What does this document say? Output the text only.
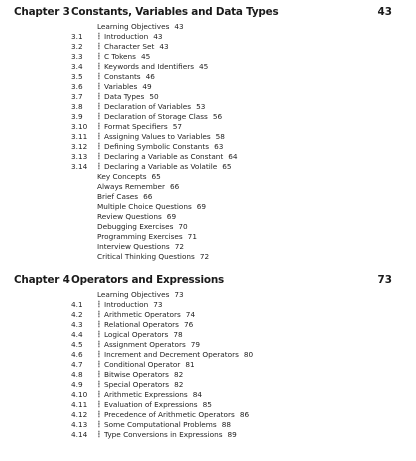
Chapter 3 Constants, Variables and Data Types	43
Learning Objectives 43
3.1 ┇ Introduction 43
3.2 ┇ Character Set 43
3.3 ┇ C Tokens 45
3.4 ┇ Keywords and Identifiers 45
3.5 ┇ Constants 46
3.6 ┇ Variables 49
3.7 ┇ Data Types 50
3.8 ┇ Declaration of Variables 53
3.9 ┇ Declaration of Storage Class 56
3.10 ┇ Format Specifiers 57
3.11 ┇ Assigning Values to Variables 58
3.12 ┇ Defining Symbolic Constants 63
3.13 ┇ Declaring a Variable as Constant 64
3.14 ┇ Declaring a Variable as Volatile 65
Key Concepts 65
Always Remember 66
Brief Cases 66
Multiple Choice Questions 69
Review Questions 69
Debugging Exercises 70
Programming Exercises 71
Interview Questions 72
Critical Thinking Questions 72
Chapter 4 Operators and Expressions	73
Learning Objectives 73
4.1 ┇ Introduction 73
4.2 ┇ Arithmetic Operators 74
4.3 ┇ Relational Operators 76
4.4 ┇ Logical Operators 78
4.5 ┇ Assignment Operators 79
4.6 ┇ Increment and Decrement Operators 80
4.7 ┇ Conditional Operator 81
4.8 ┇ Bitwise Operators 82
4.9 ┇ Special Operators 82
4.10 ┇ Arithmetic Expressions 84
4.11 ┇ Evaluation of Expressions 85
4.12 ┇ Precedence of Arithmetic Operators 86
4.13 ┇ Some Computational Problems 88
4.14 ┇ Type Conversions in Expressions 89
